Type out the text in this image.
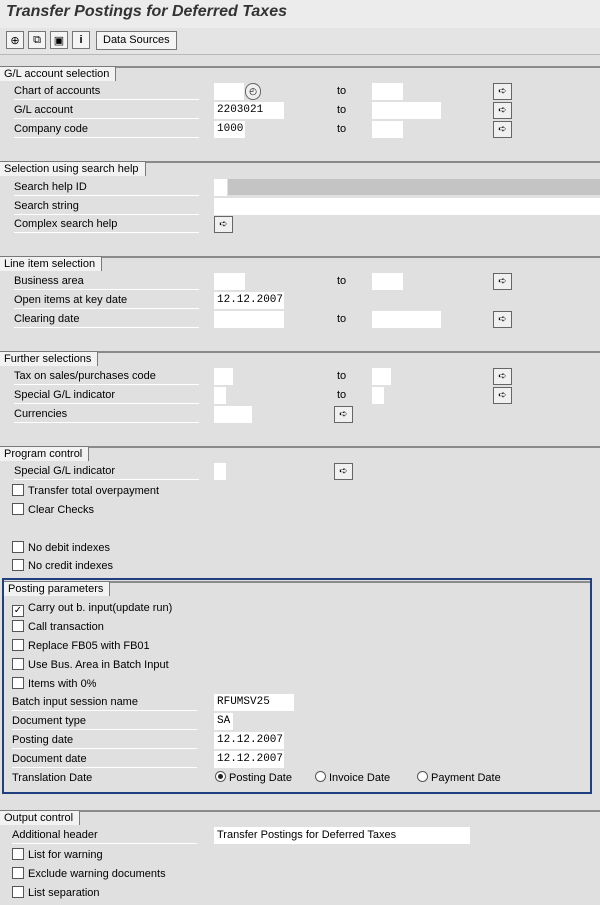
Transfer Postings for Deferred Taxes
⊕	⧉	▣	i	Data Sources
G/L account selection
Chart of accounts	◴	to	➪
G/L account	2203021	to	➪
Company code	1000	to	➪
Selection using search help
Search help ID
Search string
Complex search help	➪
Line item selection
Business area	to	➪
Open items at key date	12.12.2007
Clearing date	to	➪
Further selections
Tax on sales/purchases code	to	➪
Special G/L indicator	to	➪
Currencies	➪
Program control
Special G/L indicator	➪
Transfer total overpayment
Clear Checks
No debit indexes
No credit indexes
Posting parameters
✓ Carry out b. input(update run)
Call transaction
Replace FB05 with FB01
Use Bus. Area in Batch Input
Items with 0%
Batch input session name	RFUMSV25
Document type	SA
Posting date	12.12.2007
Document date	12.12.2007
Translation Date	Posting Date	Invoice Date	Payment Date
Output control
Additional header	Transfer Postings for Deferred Taxes
List for warning
Exclude warning documents
List separation
